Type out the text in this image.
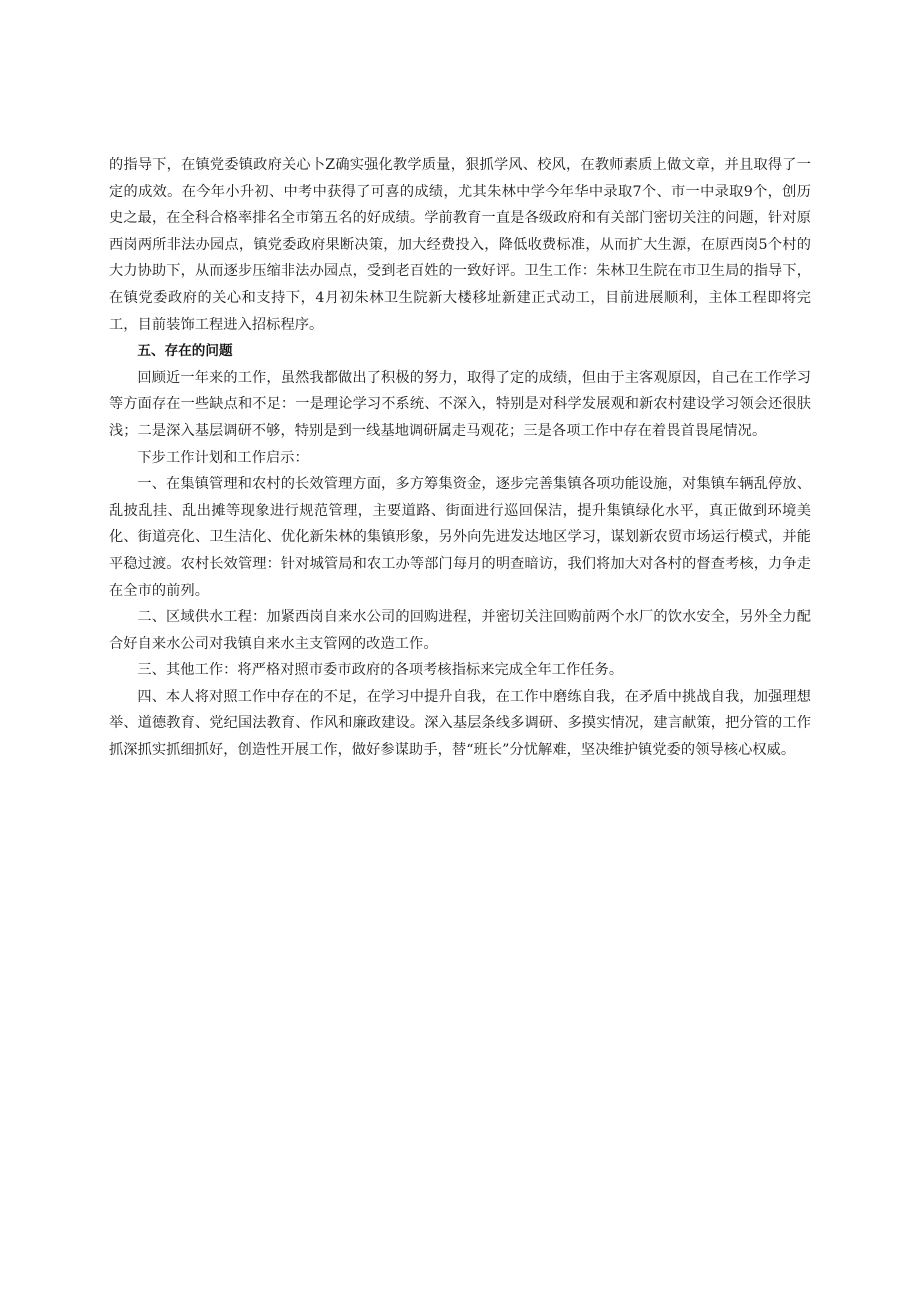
的指导下，在镇党委镇政府关心卜Z确实强化教学质量，狠抓学风、校风，在教师素质上做文章，并且取得了一定的成效。在今年小升初、中考中获得了可喜的成绩，尤其朱林中学今年华中录取7个、市一中录取9个，创历史之最，在全科合格率排名全市第五名的好成绩。学前教育一直是各级政府和有关部门密切关注的问题，针对原西岗两所非法办园点，镇党委政府果断决策，加大经费投入，降低收费标准，从而扩大生源，在原西岗5个村的大力协助下，从而逐步压缩非法办园点，受到老百姓的一致好评。卫生工作：朱林卫生院在市卫生局的指导下，在镇党委政府的关心和支持下，4月初朱林卫生院新大楼移址新建正式动工，目前进展顺利，主体工程即将完工，目前装饰工程进入招标程序。

五、存在的问题

回顾近一年来的工作，虽然我都做出了积极的努力，取得了定的成绩，但由于主客观原因，自己在工作学习等方面存在一些缺点和不足：一是理论学习不系统、不深入，特别是对科学发展观和新农村建设学习领会还很肤浅；二是深入基层调研不够，特别是到一线基地调研属走马观花；三是各项工作中存在着畏首畏尾情况。

下步工作计划和工作启示：

一、在集镇管理和农村的长效管理方面，多方筹集资金，逐步完善集镇各项功能设施，对集镇车辆乱停放、乱披乱挂、乱出摊等现象进行规范管理，主要道路、街面进行巡回保洁，提升集镇绿化水平，真正做到环境美化、街道亮化、卫生洁化、优化新朱林的集镇形象，另外向先进发达地区学习，谋划新农贸市场运行模式，并能平稳过渡。农村长效管理：针对城管局和农工办等部门每月的明查暗访，我们将加大对各村的督查考核，力争走在全市的前列。

二、区域供水工程：加紧西岗自来水公司的回购进程，并密切关注回购前两个水厂的饮水安全，另外全力配合好自来水公司对我镇自来水主支管网的改造工作。

三、其他工作：将严格对照市委市政府的各项考核指标来完成全年工作任务。

四、本人将对照工作中存在的不足，在学习中提升自我，在工作中磨练自我，在矛盾中挑战自我，加强理想举、道德教育、党纪国法教育、作风和廉政建设。深入基层条线多调研、多摸实情况，建言献策，把分管的工作抓深抓实抓细抓好，创造性开展工作，做好参谋助手，替“班长”分忧解难，坚决维护镇党委的领导核心权威。
